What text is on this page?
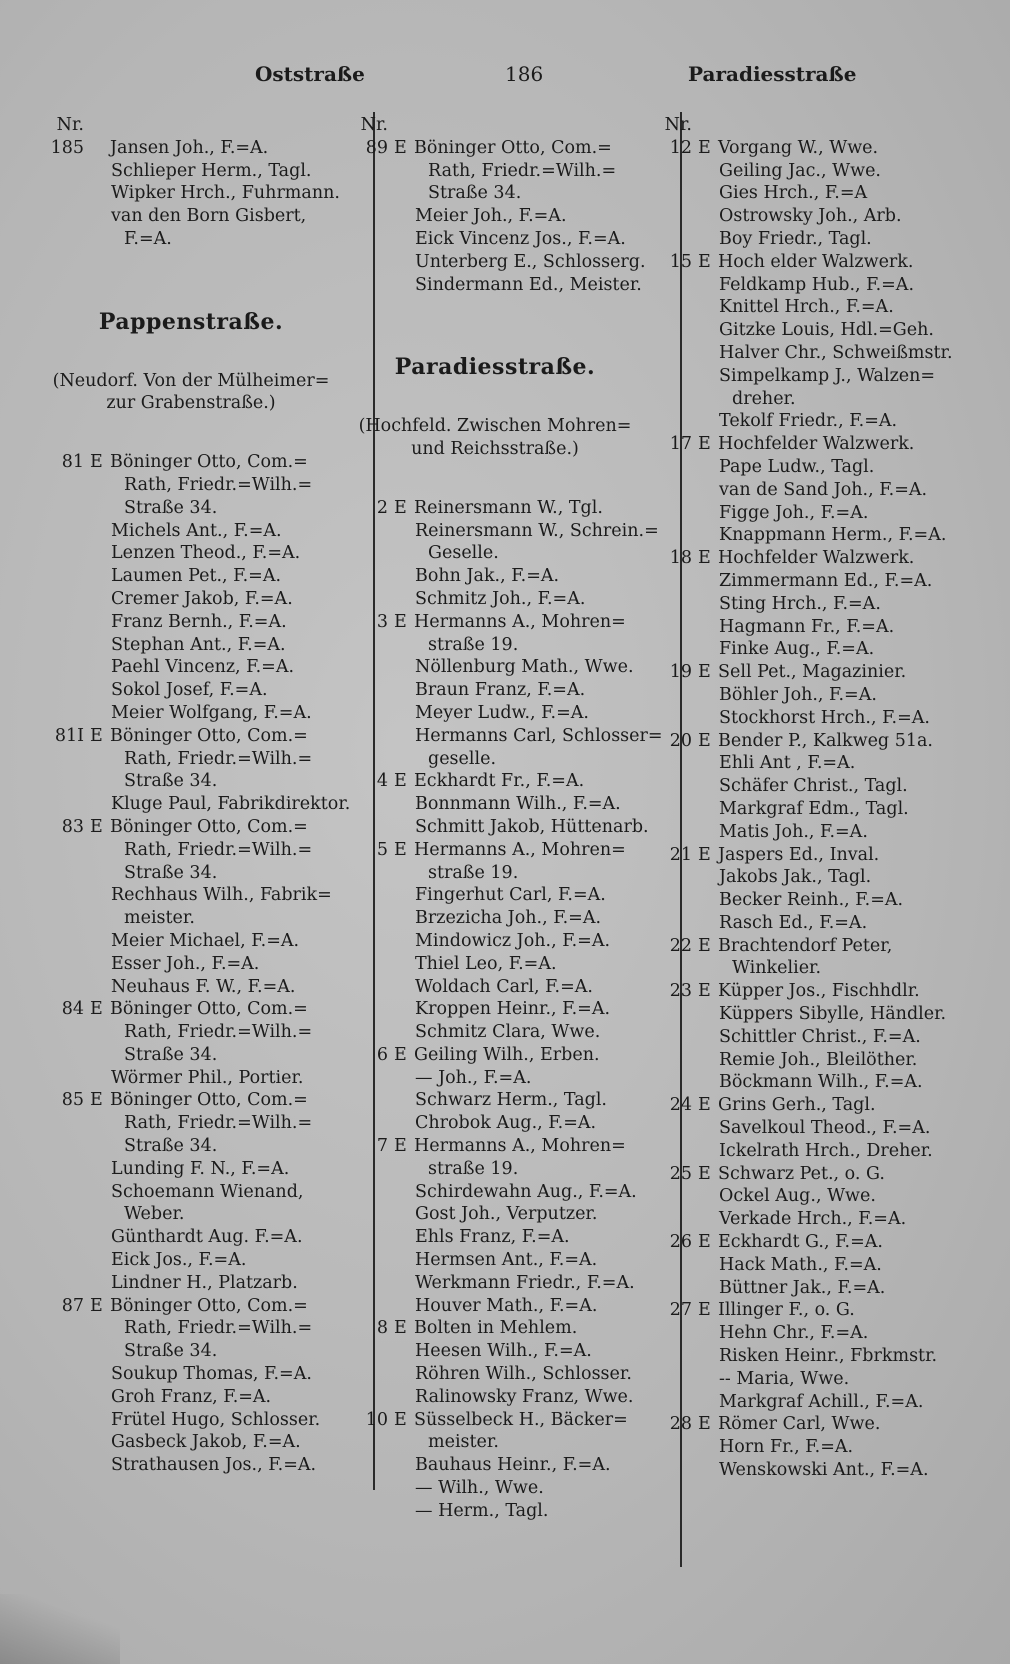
Oststraße	186	Paradiesstraße
Nr.
185 Jansen Joh., F.=A.
Schlieper Herm., Tagl.
Wipker Hrch., Fuhrmann.
van den Born Gisbert,
F.=A.
Pappenstraße.
(Neudorf. Von der Mülheimer=
zur Grabenstraße.)
81 E Böninger Otto, Com.=
Rath, Friedr.=Wilh.=
Straße 34.
Michels Ant., F.=A.
Lenzen Theod., F.=A.
Laumen Pet., F.=A.
Cremer Jakob, F.=A.
Franz Bernh., F.=A.
Stephan Ant., F.=A.
Paehl Vincenz, F.=A.
Sokol Josef, F.=A.
Meier Wolfgang, F.=A.
81I E Böninger Otto, Com.=
Rath, Friedr.=Wilh.=
Straße 34.
Kluge Paul, Fabrikdirektor.
83 E Böninger Otto, Com.=
Rath, Friedr.=Wilh.=
Straße 34.
Rechhaus Wilh., Fabrik=
meister.
Meier Michael, F.=A.
Esser Joh., F.=A.
Neuhaus F. W., F.=A.
84 E Böninger Otto, Com.=
Rath, Friedr.=Wilh.=
Straße 34.
Wörmer Phil., Portier.
85 E Böninger Otto, Com.=
Rath, Friedr.=Wilh.=
Straße 34.
Lunding F. N., F.=A.
Schoemann Wienand,
Weber.
Günthardt Aug. F.=A.
Eick Jos., F.=A.
Lindner H., Platzarb.
87 E Böninger Otto, Com.=
Rath, Friedr.=Wilh.=
Straße 34.
Soukup Thomas, F.=A.
Groh Franz, F.=A.
Frütel Hugo, Schlosser.
Gasbeck Jakob, F.=A.
Strathausen Jos., F.=A.
Nr.
89 E Böninger Otto, Com.=
Rath, Friedr.=Wilh.=
Straße 34.
Meier Joh., F.=A.
Eick Vincenz Jos., F.=A.
Unterberg E., Schlosserg.
Sindermann Ed., Meister.
Paradiesstraße.
(Hochfeld. Zwischen Mohren=
und Reichsstraße.)
2 E Reinersmann W., Tgl.
Reinersmann W., Schrein.=
Geselle.
Bohn Jak., F.=A.
Schmitz Joh., F.=A.
3 E Hermanns A., Mohren=
straße 19.
Nöllenburg Math., Wwe.
Braun Franz, F.=A.
Meyer Ludw., F.=A.
Hermanns Carl, Schlosser=
geselle.
4 E Eckhardt Fr., F.=A.
Bonnmann Wilh., F.=A.
Schmitt Jakob, Hüttenarb.
5 E Hermanns A., Mohren=
straße 19.
Fingerhut Carl, F.=A.
Brzezicha Joh., F.=A.
Mindowicz Joh., F.=A.
Thiel Leo, F.=A.
Woldach Carl, F.=A.
Kroppen Heinr., F.=A.
Schmitz Clara, Wwe.
6 E Geiling Wilh., Erben.
— Joh., F.=A.
Schwarz Herm., Tagl.
Chrobok Aug., F.=A.
7 E Hermanns A., Mohren=
straße 19.
Schirdewahn Aug., F.=A.
Gost Joh., Verputzer.
Ehls Franz, F.=A.
Hermsen Ant., F.=A.
Werkmann Friedr., F.=A.
Houver Math., F.=A.
8 E Bolten in Mehlem.
Heesen Wilh., F.=A.
Röhren Wilh., Schlosser.
Ralinowsky Franz, Wwe.
10 E Süsselbeck H., Bäcker=
meister.
Bauhaus Heinr., F.=A.
— Wilh., Wwe.
— Herm., Tagl.
Nr.
12 E Vorgang W., Wwe.
Geiling Jac., Wwe.
Gies Hrch., F.=A
Ostrowsky Joh., Arb.
Boy Friedr., Tagl.
15 E Hoch elder Walzwerk.
Feldkamp Hub., F.=A.
Knittel Hrch., F.=A.
Gitzke Louis, Hdl.=Geh.
Halver Chr., Schweißmstr.
Simpelkamp J., Walzen=
dreher.
Tekolf Friedr., F.=A.
17 E Hochfelder Walzwerk.
Pape Ludw., Tagl.
van de Sand Joh., F.=A.
Figge Joh., F.=A.
Knappmann Herm., F.=A.
18 E Hochfelder Walzwerk.
Zimmermann Ed., F.=A.
Sting Hrch., F.=A.
Hagmann Fr., F.=A.
Finke Aug., F.=A.
19 E Sell Pet., Magazinier.
Böhler Joh., F.=A.
Stockhorst Hrch., F.=A.
20 E Bender P., Kalkweg 51a.
Ehli Ant , F.=A.
Schäfer Christ., Tagl.
Markgraf Edm., Tagl.
Matis Joh., F.=A.
21 E Jaspers Ed., Inval.
Jakobs Jak., Tagl.
Becker Reinh., F.=A.
Rasch Ed., F.=A.
22 E Brachtendorf Peter,
Winkelier.
23 E Küpper Jos., Fischhdlr.
Küppers Sibylle, Händler.
Schittler Christ., F.=A.
Remie Joh., Bleilöther.
Böckmann Wilh., F.=A.
24 E Grins Gerh., Tagl.
Savelkoul Theod., F.=A.
Ickelrath Hrch., Dreher.
25 E Schwarz Pet., o. G.
Ockel Aug., Wwe.
Verkade Hrch., F.=A.
26 E Eckhardt G., F.=A.
Hack Math., F.=A.
Büttner Jak., F.=A.
27 E Illinger F., o. G.
Hehn Chr., F.=A.
Risken Heinr., Fbrkmstr.
-- Maria, Wwe.
Markgraf Achill., F.=A.
28 E Römer Carl, Wwe.
Horn Fr., F.=A.
Wenskowski Ant., F.=A.
